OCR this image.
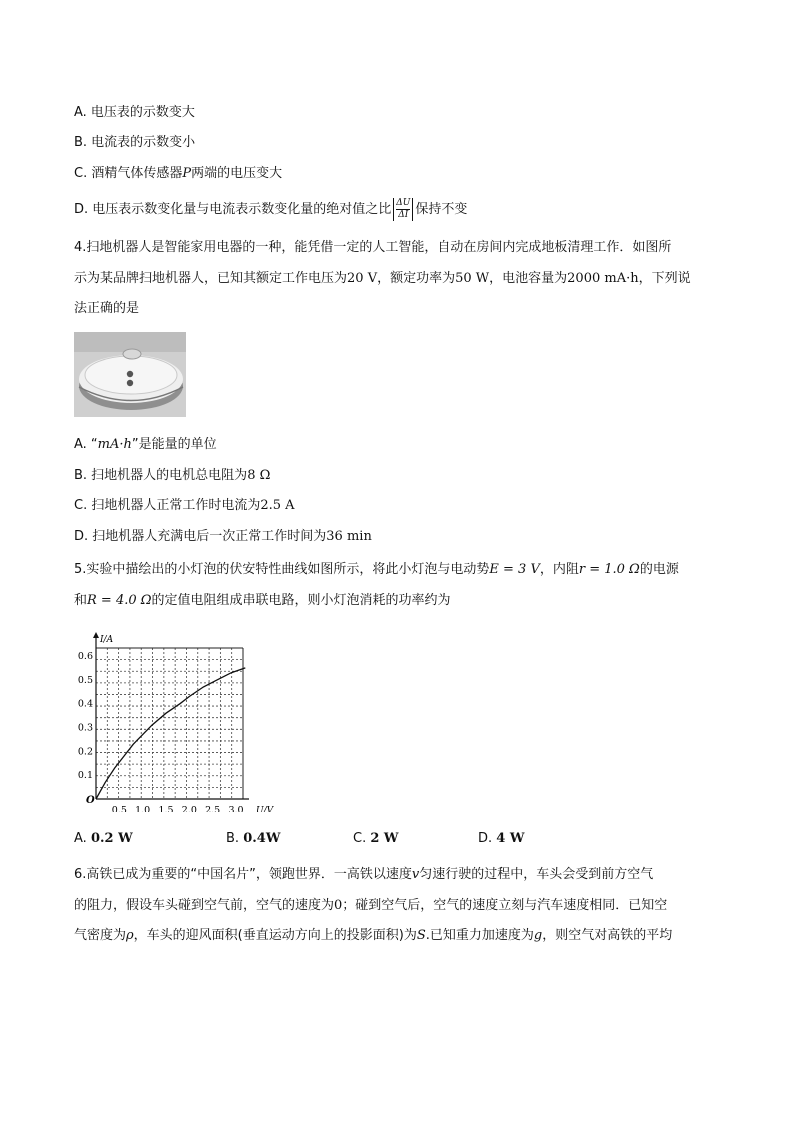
A. 电压表的示数变大
B. 电流表的示数变小
C. 酒精气体传感器P两端的电压变大
D. 电压表示数变化量与电流表示数变化量的绝对值之比 $\frac{\Delta U}{\Delta I}$ 保持不变
4.扫地机器人是智能家用电器的一种，能凭借一定的人工智能，自动在房间内完成地板清理工作．如图所
示为某品牌扫地机器人，已知其额定工作电压为20 V，额定功率为50 W，电池容量为2000 mA·h，下列说
法正确的是
A. “mA·h”是能量的单位
B. 扫地机器人的电机总电阻为8 Ω
C. 扫地机器人正常工作时电流为2.5 A
D. 扫地机器人充满电后一次正常工作时间为36 min
5.实验中描绘出的小灯泡的伏安特性曲线如图所示，将此小灯泡与电动势E = 3 V，内阻r = 1.0 Ω的电源
和R = 4.0 Ω的定值电阻组成串联电路，则小灯泡消耗的功率约为
I/A
U/V
O
0.5 1.0 1.5 2.0 2.5 3.0
0.1
0.2
0.3
0.4
0.5
0.6
A. 0.2 W	B. 0.4W	C. 2 W	D. 4 W
6.高铁已成为重要的“中国名片”，领跑世界．一高铁以速度v匀速行驶的过程中，车头会受到前方空气
的阻力，假设车头碰到空气前，空气的速度为0；碰到空气后，空气的速度立刻与汽车速度相同．已知空
气密度为ρ，车头的迎风面积(垂直运动方向上的投影面积)为S.已知重力加速度为g，则空气对高铁的平均
